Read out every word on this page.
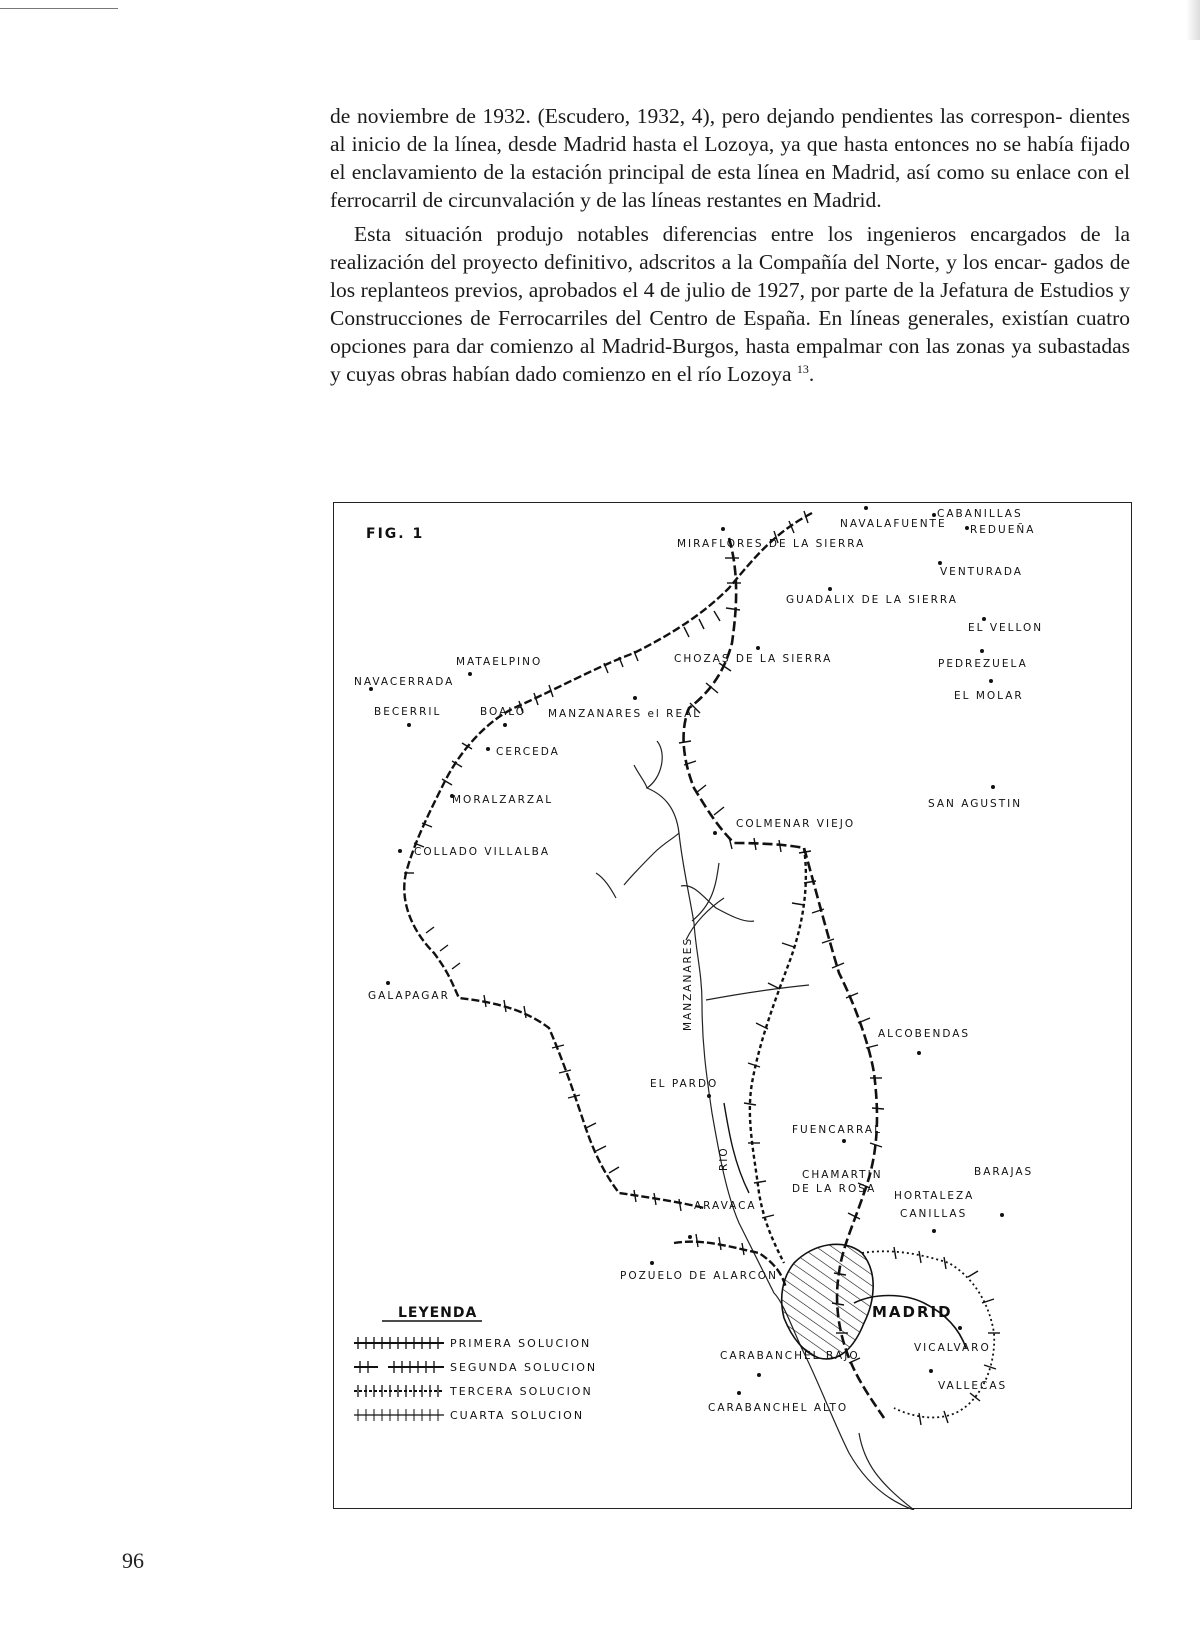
de noviembre de 1932. (Escudero, 1932, 4), pero dejando pendientes las correspon- dientes al inicio de la línea, desde Madrid hasta el Lozoya, ya que hasta entonces no se había fijado el enclavamiento de la estación principal de esta línea en Madrid, así como su enlace con el ferrocarril de circunvalación y de las líneas restantes en Madrid.

Esta situación produjo notables diferencias entre los ingenieros encargados de la realización del proyecto definitivo, adscritos a la Compañía del Norte, y los encar- gados de los replanteos previos, aprobados el 4 de julio de 1927, por parte de la Jefatura de Estudios y Construcciones de Ferrocarriles del Centro de España. En líneas generales, existían cuatro opciones para dar comienzo al Madrid-Burgos, hasta empalmar con las zonas ya subastadas y cuyas obras habían dado comienzo en el río Lozoya $^{13}$.

FIG. 1
MANZANARES
RIO
NAVALAFUENTE
CABANILLAS
REDUEÑA
MIRAFLORES DE LA SIERRA
VENTURADA
GUADALIX DE LA SIERRA
EL VELLON
MATAELPINO
NAVACERRADA
CHOZAS DE LA SIERRA	PEDREZUELA
EL MOLAR
BECERRIL	BOALO MANZANARES el REAL
CERCEDA
MORALZARZAL	SAN AGUSTIN
COLMENAR VIEJO
COLLADO VILLALBA
GALAPAGAR
ALCOBENDAS
EL PARDO
FUENCARRAL
BARAJAS
CHAMARTIN
DE LA ROSA
HORTALEZA
CANILLAS
ARAVACA
POZUELO DE ALARCON
MADRID
VICALVARO
CARABANCHEL BAJO
VALLECAS
CARABANCHEL ALTO
LEYENDA
PRIMERA SOLUCION
SEGUNDA SOLUCION
TERCERA SOLUCION
CUARTA SOLUCION
96
